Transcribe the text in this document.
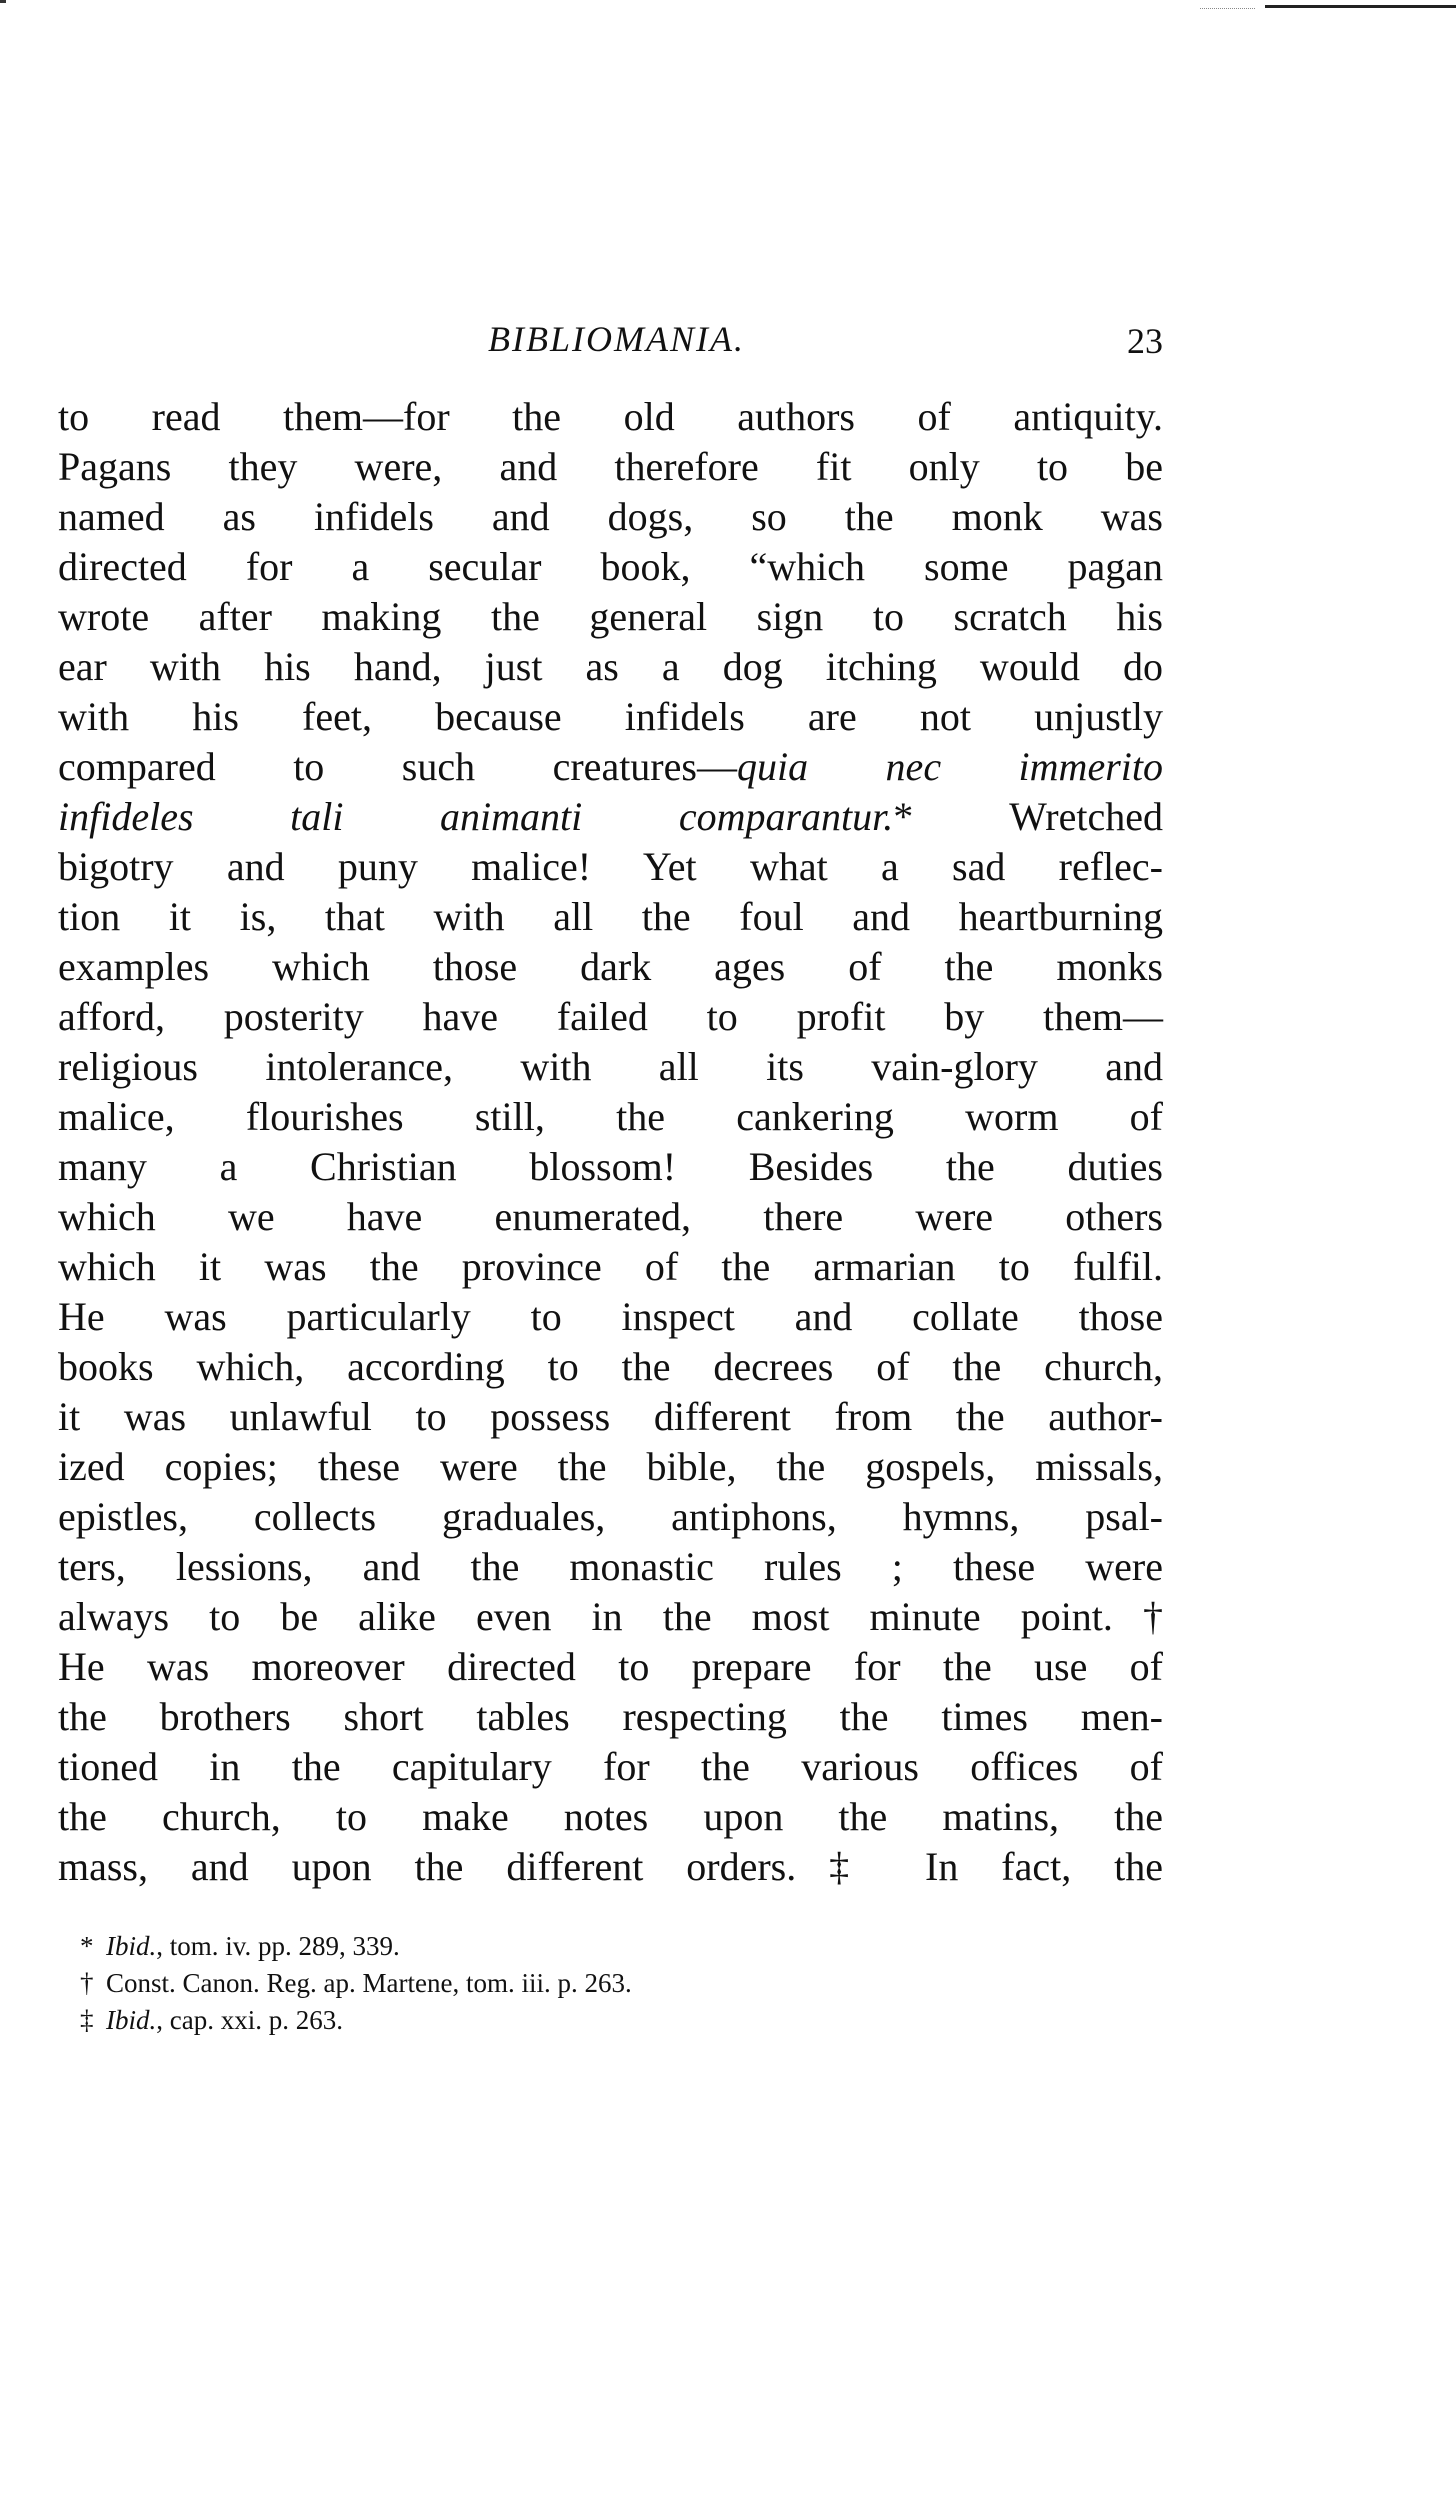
BIBLIOMANIA.	23
to read them—for the old authors of antiquity.
Pagans they were, and therefore fit only to be
named as infidels and dogs, so the monk was
directed for a secular book, “which some pagan
wrote after making the general sign to scratch his
ear with his hand, just as a dog itching would do
with his feet, because infidels are not unjustly
compared to such creatures—quia nec immerito
infideles tali animanti comparantur.* Wretched
bigotry and puny malice! Yet what a sad reflec-
tion it is, that with all the foul and heartburning
examples which those dark ages of the monks
afford, posterity have failed to profit by them—
religious intolerance, with all its vain-glory and
malice, flourishes still, the cankering worm of
many a Christian blossom! Besides the duties
which we have enumerated, there were others
which it was the province of the armarian to fulfil.
He was particularly to inspect and collate those
books which, according to the decrees of the church,
it was unlawful to possess different from the author-
ized copies; these were the bible, the gospels, missals,
epistles, collects graduales, antiphons, hymns, psal-
ters, lessions, and the monastic rules ; these were
always to be alike even in the most minute point.†
He was moreover directed to prepare for the use of
the brothers short tables respecting the times men-
tioned in the capitulary for the various offices of
the church, to make notes upon the matins, the
mass, and upon the different orders.‡ In fact, the
* Ibid., tom. iv. pp. 289, 339.
† Const. Canon. Reg. ap. Martene, tom. iii. p. 263.
‡ Ibid., cap. xxi. p. 263.
